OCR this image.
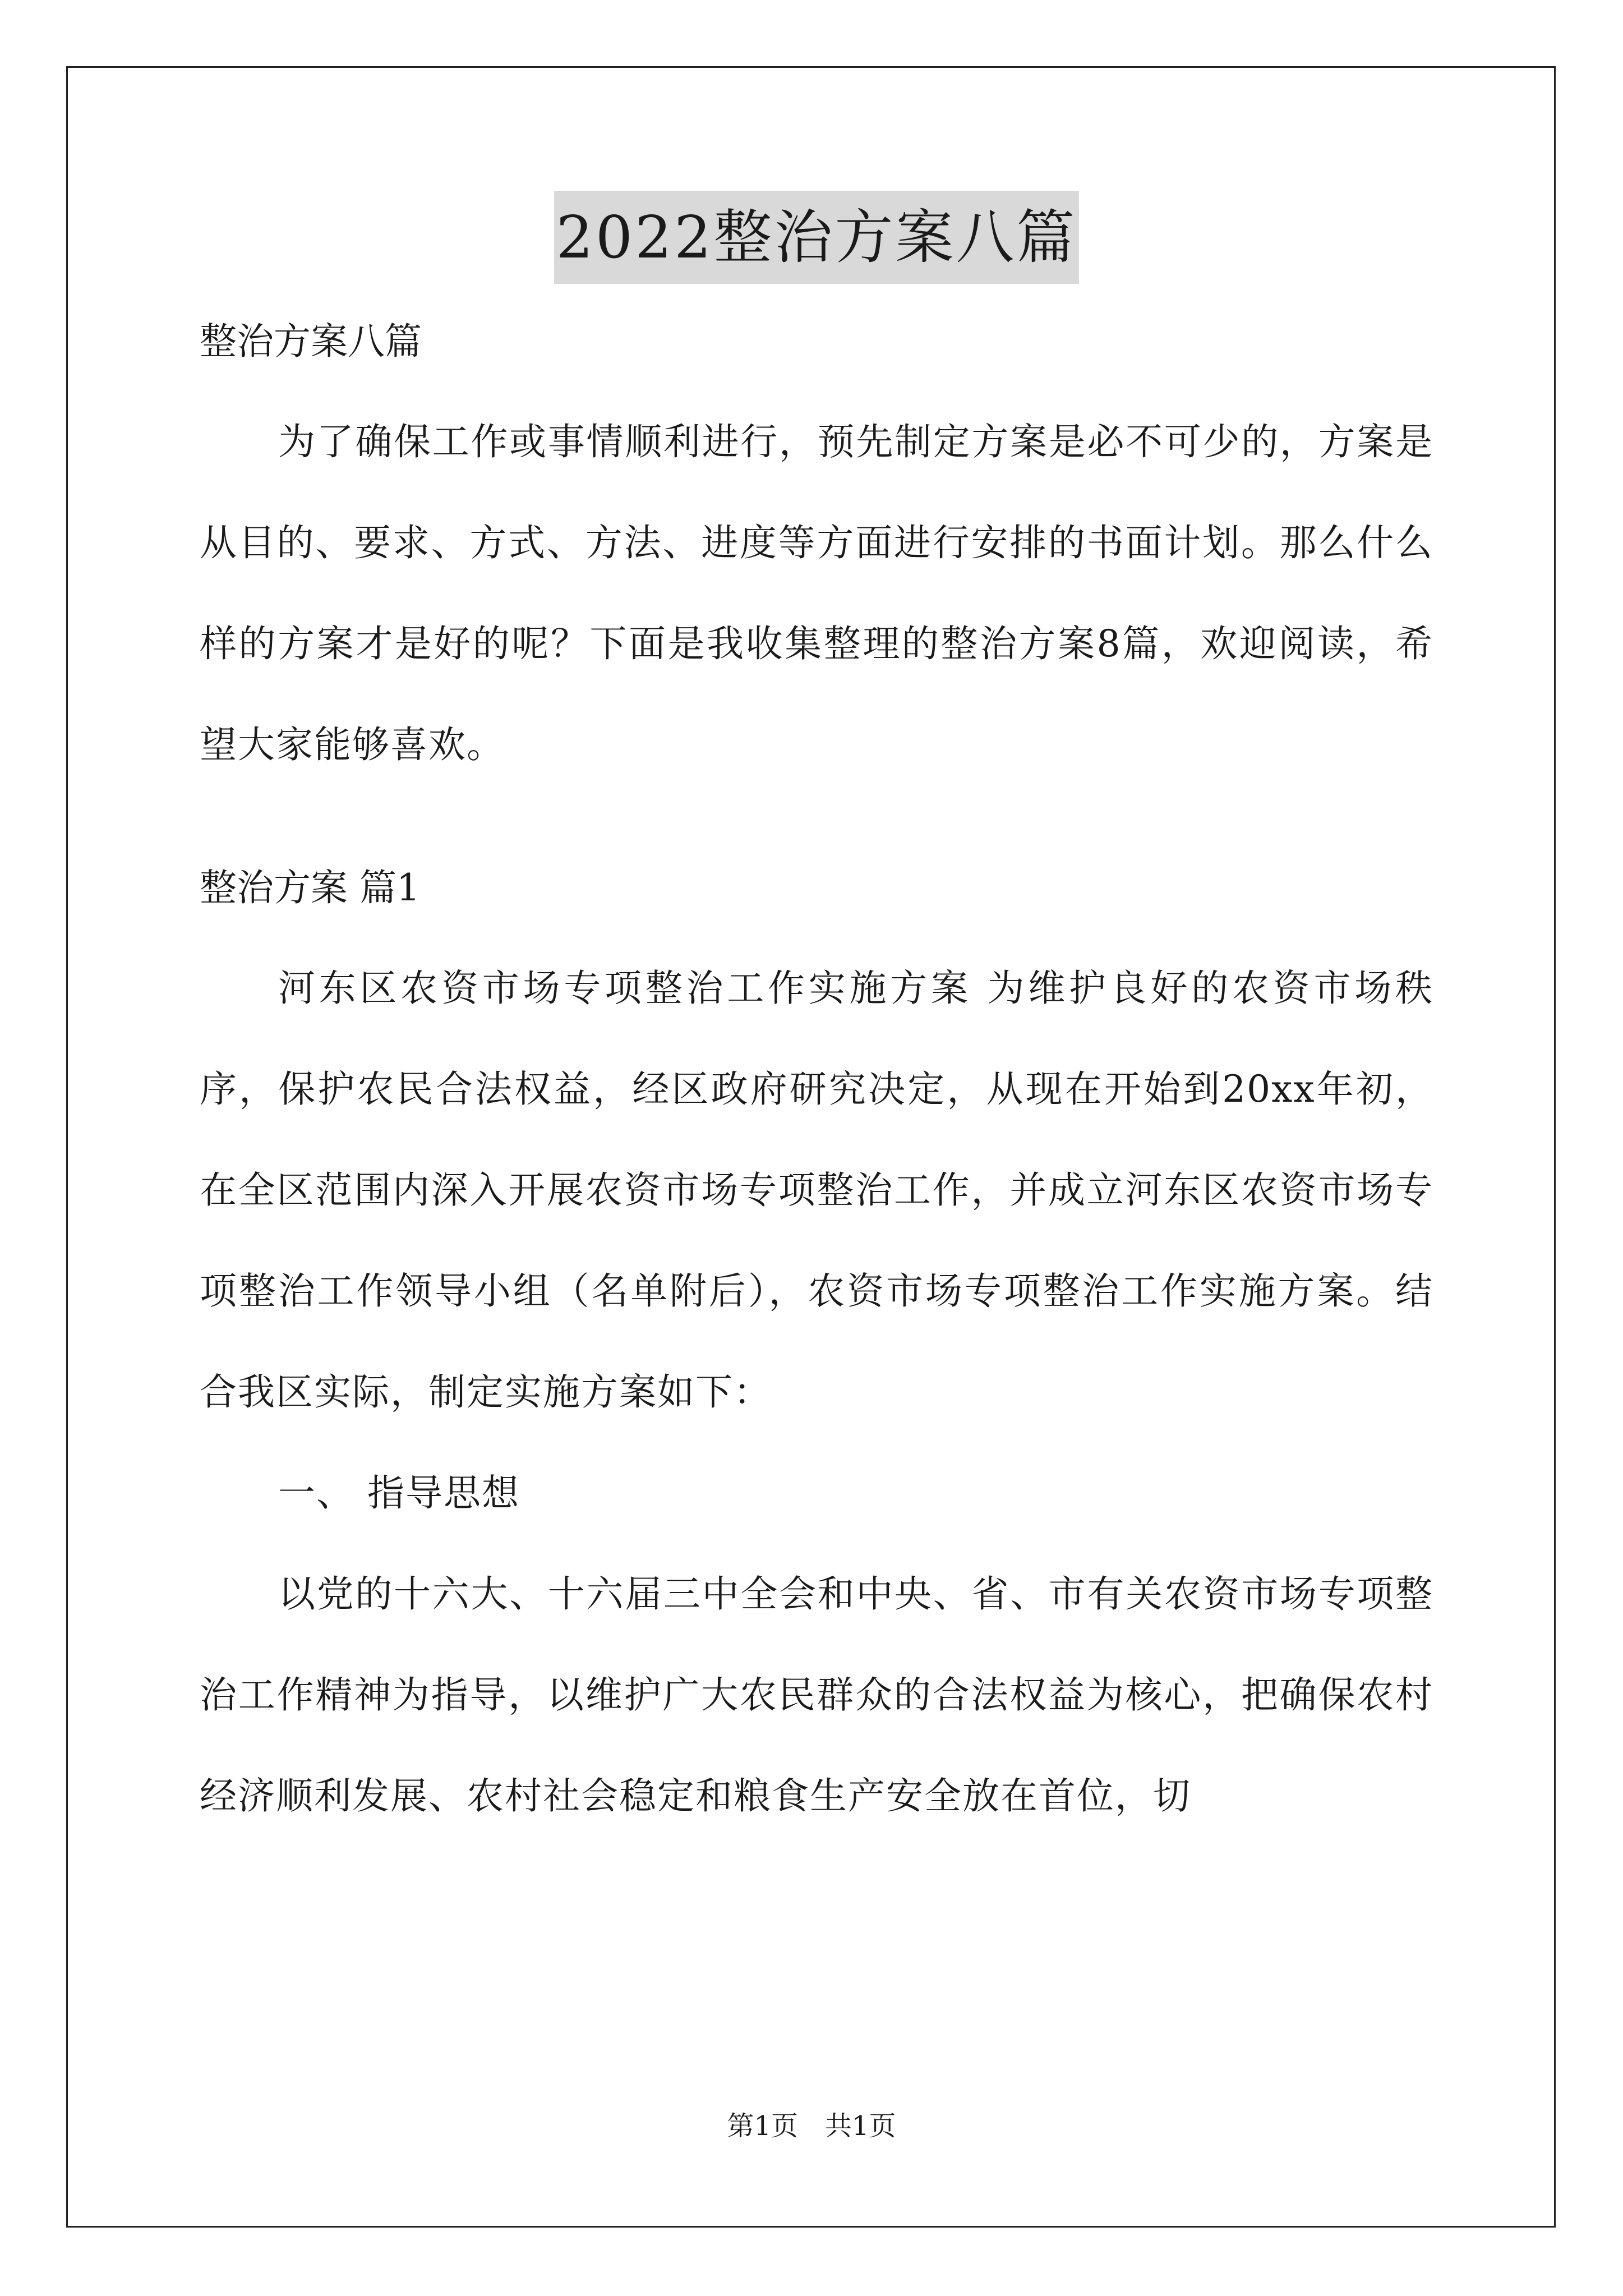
2022整治方案八篇

整治方案八篇

为了确保工作或事情顺利进行，预先制定方案是必不可少的，方案是从目的、要求、方式、方法、进度等方面进行安排的书面计划。那么什么样的方案才是好的呢？下面是我收集整理的整治方案8篇，欢迎阅读，希望大家能够喜欢。

整治方案 篇1

河东区农资市场专项整治工作实施方案 为维护良好的农资市场秩序，保护农民合法权益，经区政府研究决定，从现在开始到20xx年初，在全区范围内深入开展农资市场专项整治工作，并成立河东区农资市场专项整治工作领导小组（名单附后），农资市场专项整治工作实施方案。结合我区实际，制定实施方案如下：

一、 指导思想

以党的十六大、十六届三中全会和中央、省、市有关农资市场专项整治工作精神为指导，以维护广大农民群众的合法权益为核心，把确保农村经济顺利发展、农村社会稳定和粮食生产安全放在首位，切

第1页　共1页
